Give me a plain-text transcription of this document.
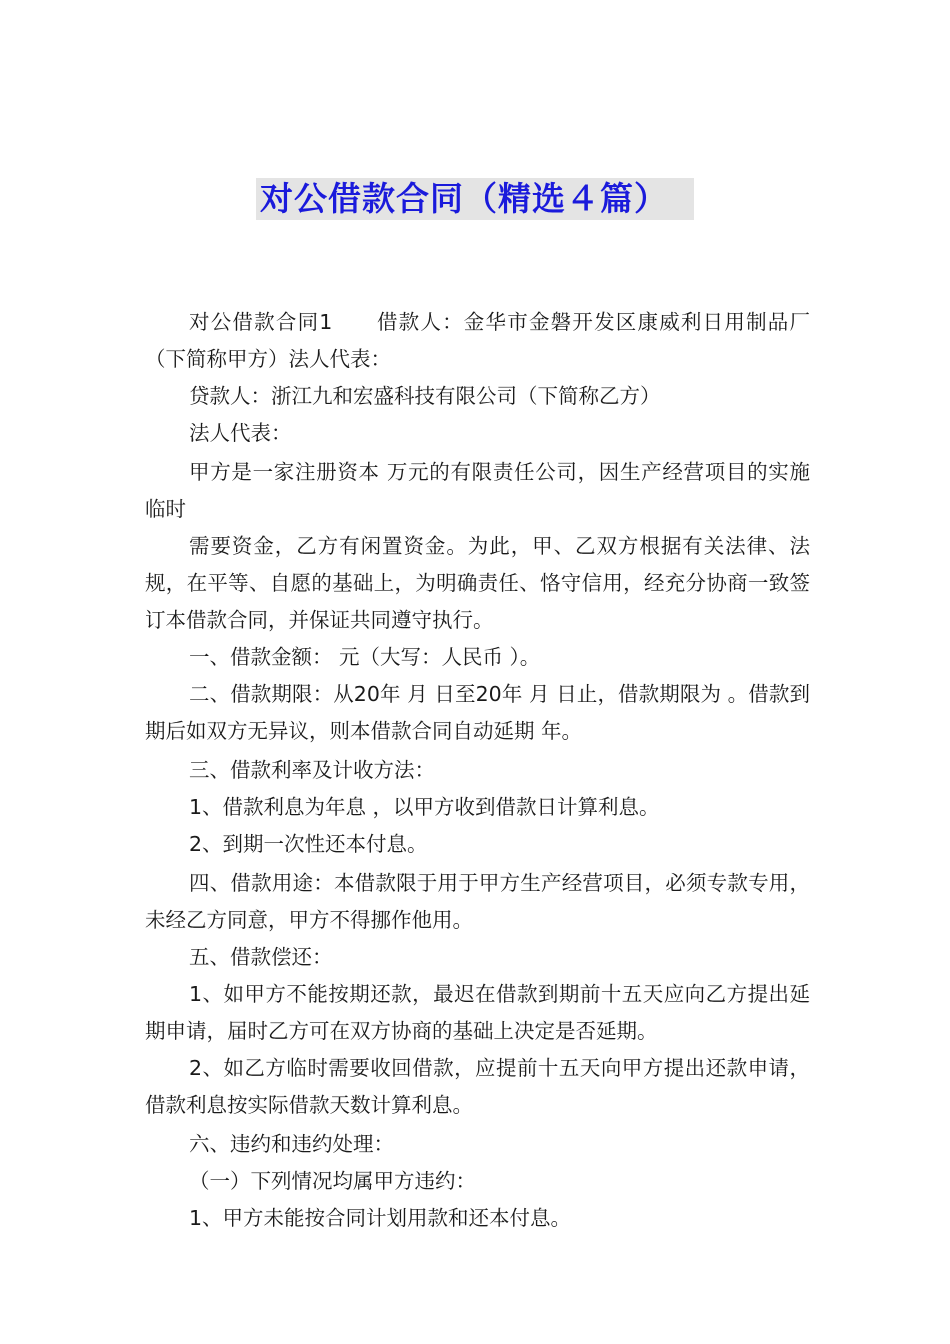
对公借款合同（精选４篇）

对公借款合同1　　借款人：金华市金磐开发区康威利日用制品厂（下简称甲方）法人代表：

贷款人：浙江九和宏盛科技有限公司（下简称乙方）

法人代表：

甲方是一家注册资本 万元的有限责任公司，因生产经营项目的实施临时

需要资金，乙方有闲置资金。为此，甲、乙双方根据有关法律、法规，在平等、自愿的基础上，为明确责任、恪守信用，经充分协商一致签订本借款合同，并保证共同遵守执行。

一、借款金额： 元（大写：人民币 ）。

二、借款期限：从20年 月 日至20年 月 日止，借款期限为 。借款到期后如双方无异议，则本借款合同自动延期 年。

三、借款利率及计收方法：

1、借款利息为年息 ，以甲方收到借款日计算利息。

2、到期一次性还本付息。

四、借款用途：本借款限于用于甲方生产经营项目，必须专款专用，未经乙方同意，甲方不得挪作他用。

五、借款偿还：

1、如甲方不能按期还款，最迟在借款到期前十五天应向乙方提出延期申请，届时乙方可在双方协商的基础上决定是否延期。

2、如乙方临时需要收回借款，应提前十五天向甲方提出还款申请，借款利息按实际借款天数计算利息。

六、违约和违约处理：

（一）下列情况均属甲方违约：

1、甲方未能按合同计划用款和还本付息。
